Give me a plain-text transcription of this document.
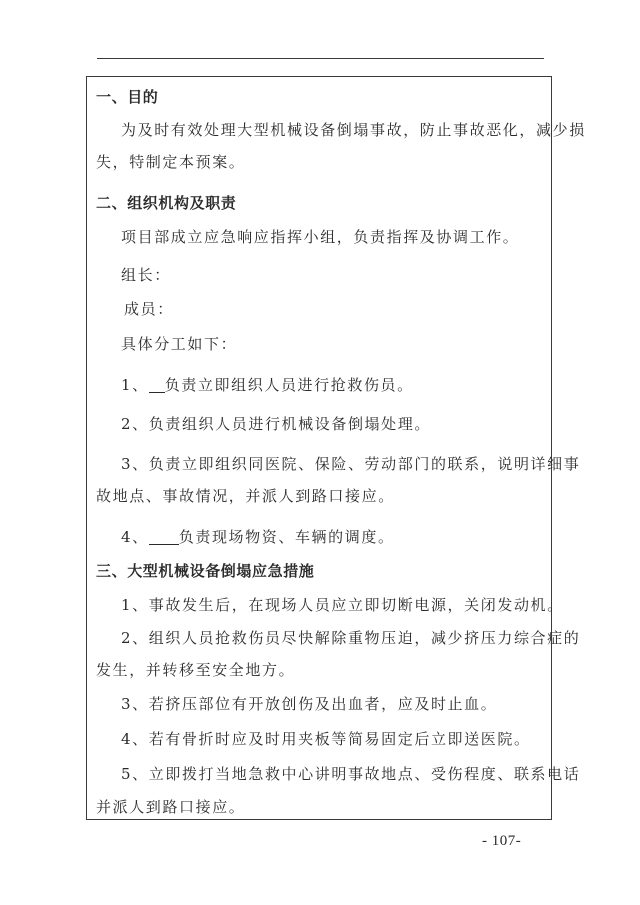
一、目的
为及时有效处理大型机械设备倒塌事故，防止事故恶化，减少损
失，特制定本预案。
二、组织机构及职责
项目部成立应急响应指挥小组，负责指挥及协调工作。
组长：
成员：
具体分工如下：
1、 负责立即组织人员进行抢救伤员。
2、负责组织人员进行机械设备倒塌处理。
3、负责立即组织同医院、保险、劳动部门的联系，说明详细事
故地点、事故情况，并派人到路口接应。
4、 负责现场物资、车辆的调度。
三、大型机械设备倒塌应急措施
1、事故发生后，在现场人员应立即切断电源，关闭发动机。
2、组织人员抢救伤员尽快解除重物压迫，减少挤压力综合症的
发生，并转移至安全地方。
3、若挤压部位有开放创伤及出血者，应及时止血。
4、若有骨折时应及时用夹板等简易固定后立即送医院。
5、立即拨打当地急救中心讲明事故地点、受伤程度、联系电话
并派人到路口接应。
- 107-
